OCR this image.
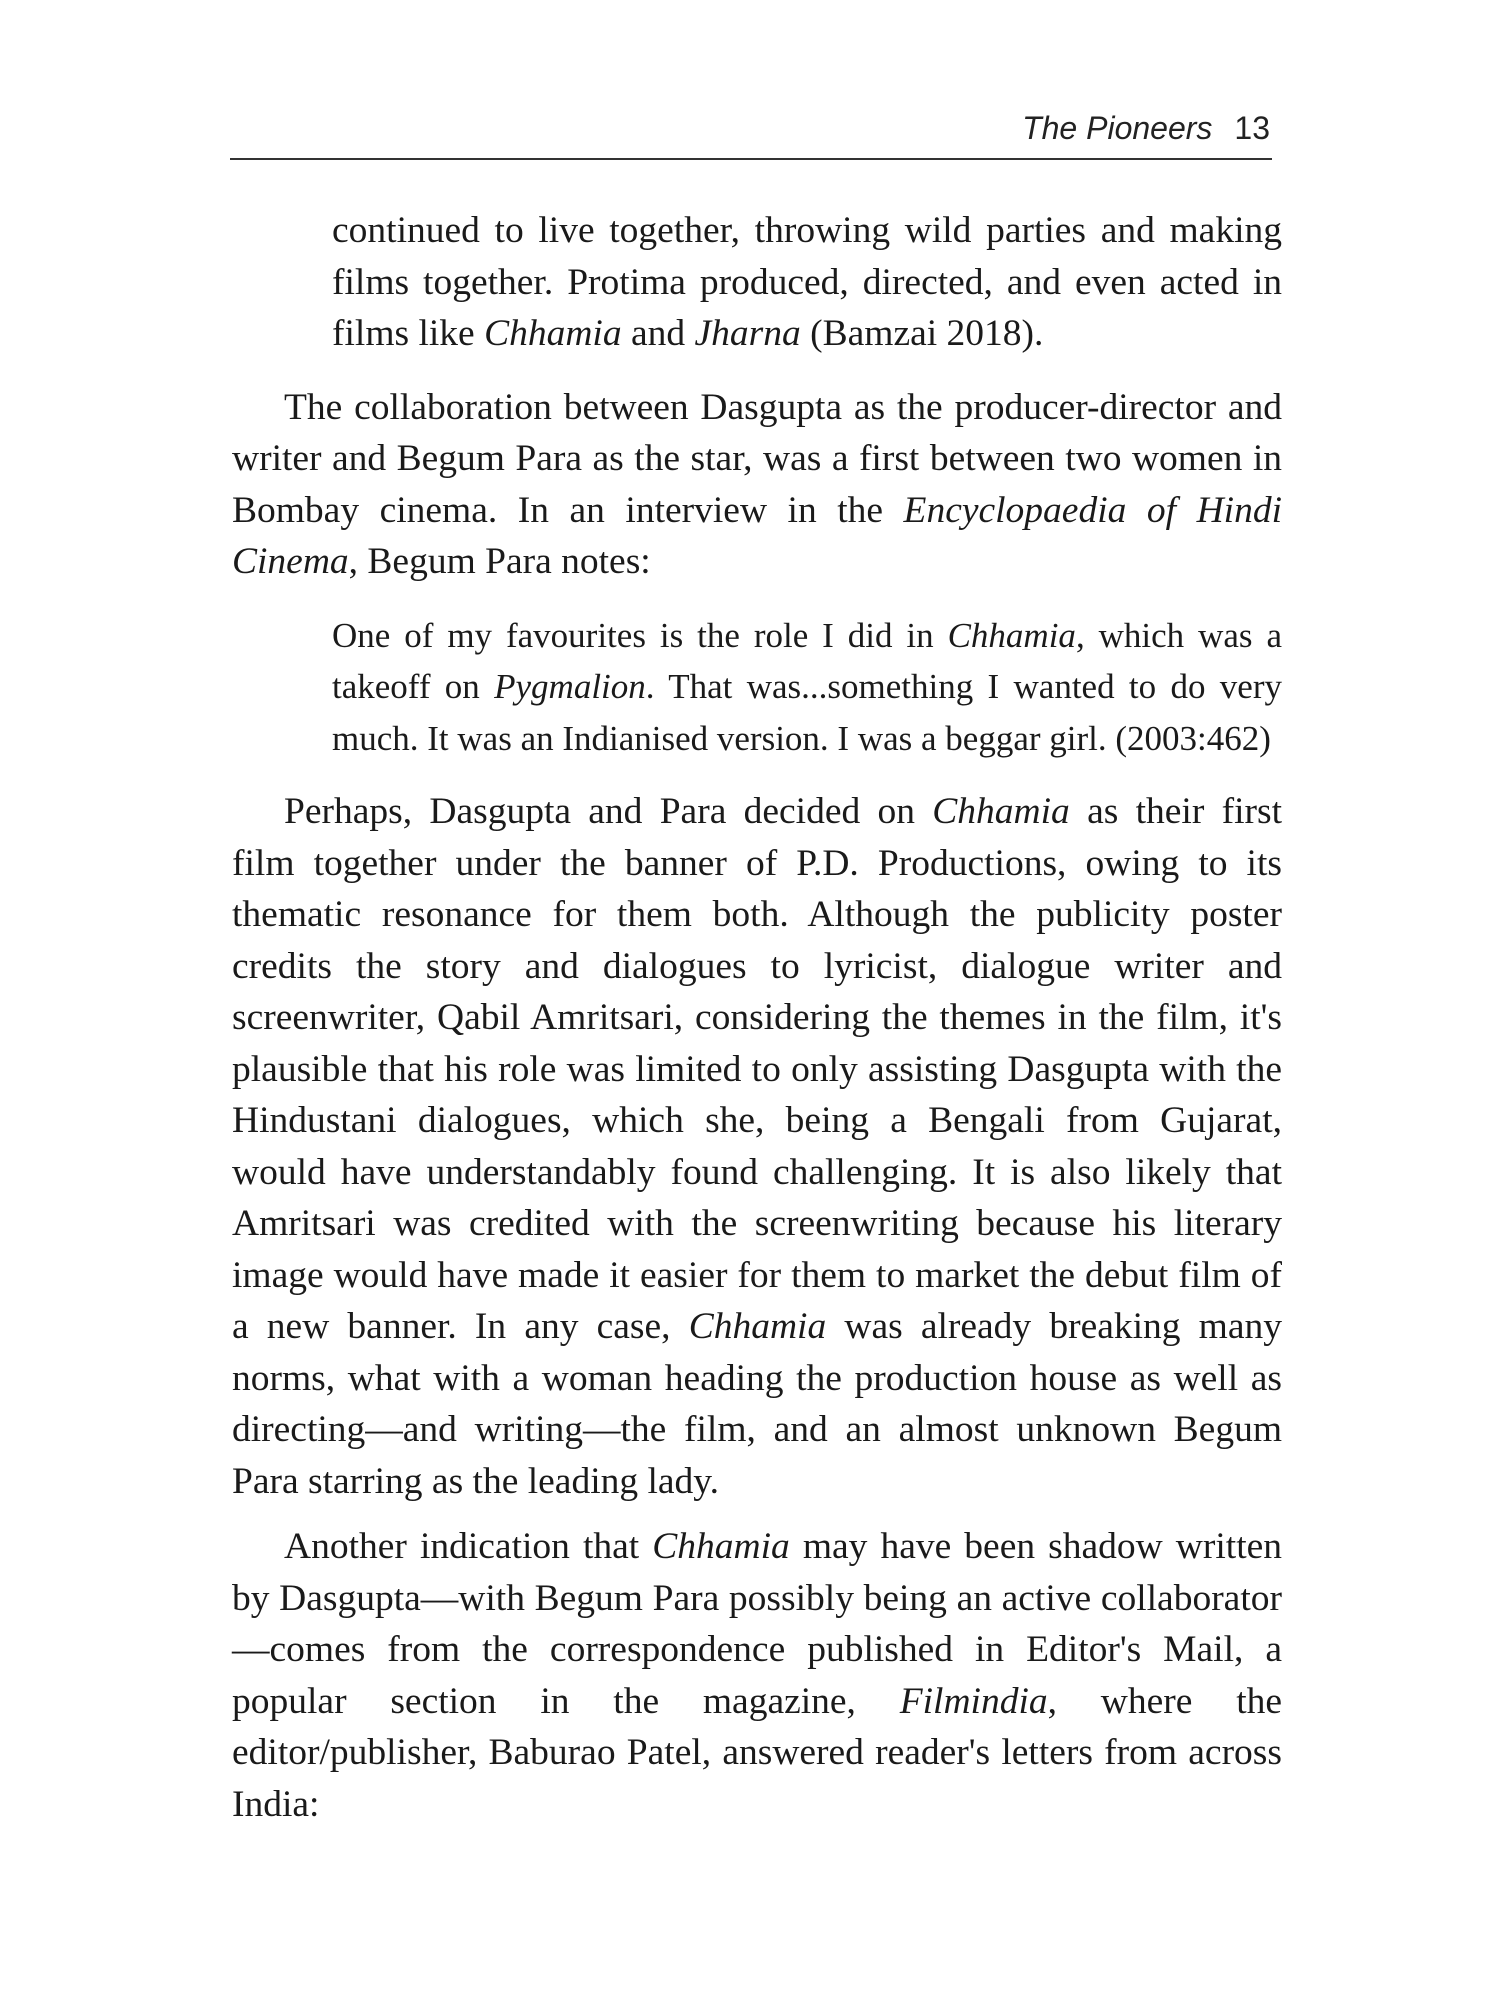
The Pioneers 13

continued to live together, throwing wild parties and making films together. Protima produced, directed, and even acted in films like Chhamia and Jharna (Bamzai 2018).

The collaboration between Dasgupta as the producer-director and writer and Begum Para as the star, was a first between two women in Bombay cinema. In an interview in the Encyclopaedia of Hindi Cinema, Begum Para notes:

One of my favourites is the role I did in Chhamia, which was a takeoff on Pygmalion. That was...something I wanted to do very much. It was an Indianised version. I was a beggar girl. (2003:462)

Perhaps, Dasgupta and Para decided on Chhamia as their first film together under the banner of P.D. Productions, owing to its thematic resonance for them both. Although the publicity poster credits the story and dialogues to lyricist, dialogue writer and screenwriter, Qabil Amritsari, considering the themes in the film, it's plausible that his role was limited to only assisting Dasgupta with the Hindustani dialogues, which she, being a Bengali from Gujarat, would have understandably found challenging. It is also likely that Amritsari was credited with the screenwriting because his literary image would have made it easier for them to market the debut film of a new banner. In any case, Chhamia was already breaking many norms, what with a woman heading the production house as well as directing—and writing—the film, and an almost unknown Begum Para starring as the leading lady.

Another indication that Chhamia may have been shadow written by Dasgupta—with Begum Para possibly being an active collaborator—comes from the correspondence published in Editor's Mail, a popular section in the magazine, Filmindia, where the editor/publisher, Baburao Patel, answered reader's letters from across India:
